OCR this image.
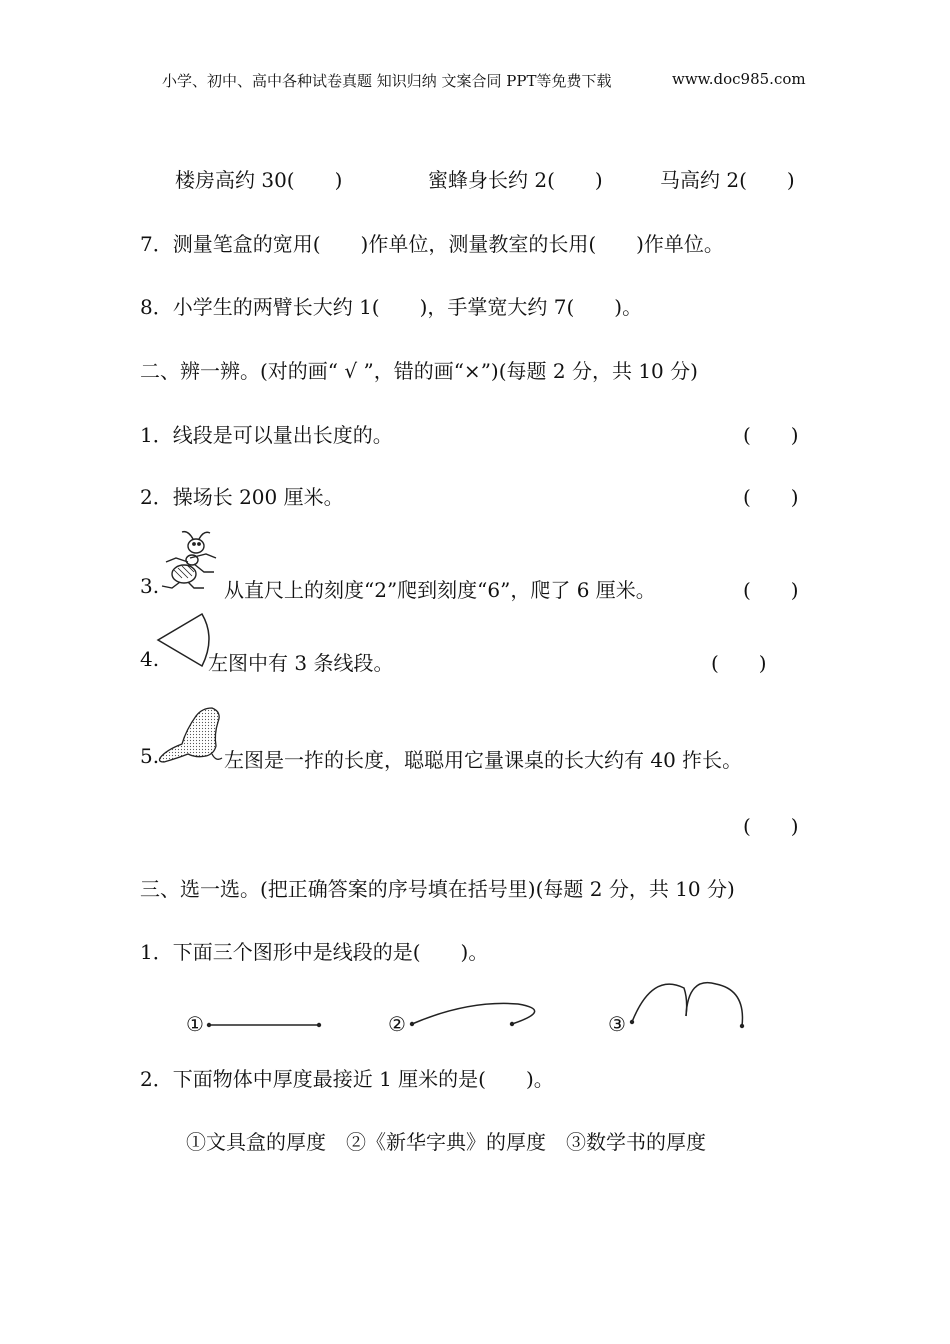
小学、初中、高中各种试卷真题 知识归纳 文案合同 PPT等免费下载	www.doc985.com
楼房高约 30(　　)	蜜蜂身长约 2(　　)	马高约 2(　　)
7．测量笔盒的宽用(　　)作单位，测量教室的长用(　　)作单位。
8．小学生的两臂长大约 1(　　)，手掌宽大约 7(　　)。
二、辨一辨。(对的画“ √ ”，错的画“×”)(每题 2 分，共 10 分)
1．线段是可以量出长度的。	(　　)
2．操场长 200 厘米。	(　　)
3.	从直尺上的刻度“2”爬到刻度“6”，爬了 6 厘米。	(　　)
4. 左图中有 3 条线段。	(　　)
5.	左图是一拃的长度，聪聪用它量课桌的长大约有 40 拃长。
(　　)
三、选一选。(把正确答案的序号填在括号里)(每题 2 分，共 10 分)
1．下面三个图形中是线段的是(　　)。
①	②	③
2．下面物体中厚度最接近 1 厘米的是(　　)。
①文具盒的厚度　②《新华字典》的厚度　③数学书的厚度
